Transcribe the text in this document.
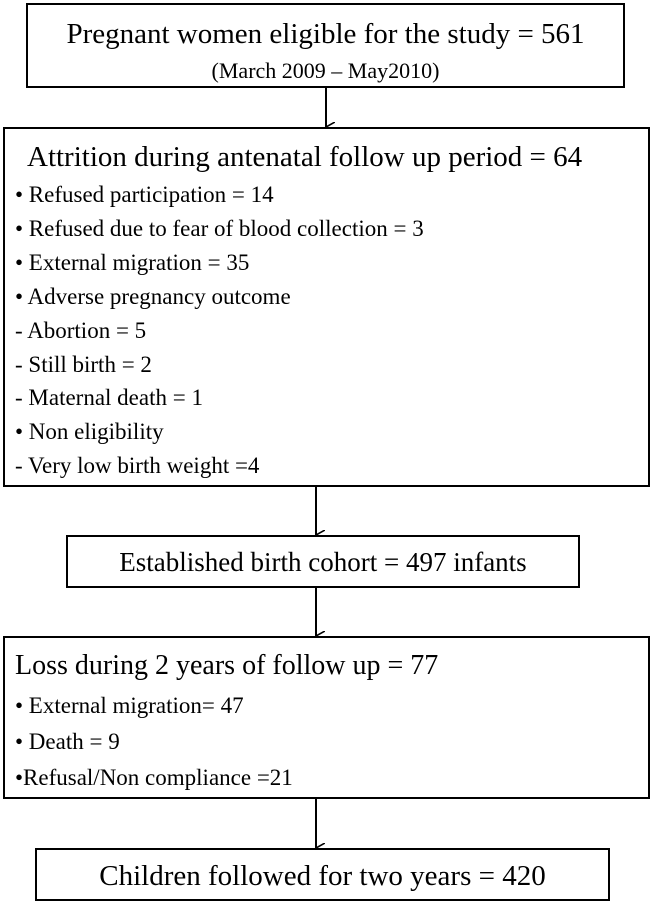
Pregnant women eligible for the study = 561
(March 2009 – May2010)
Attrition during antenatal follow up period = 64
• Refused participation = 14
• Refused due to fear of blood collection = 3
• External migration = 35
• Adverse pregnancy outcome
- Abortion = 5
- Still birth = 2
- Maternal death = 1
• Non eligibility
- Very low birth weight =4
Established birth cohort = 497 infants
Loss during 2 years of follow up = 77
• External migration= 47
• Death = 9
•Refusal/Non compliance =21
Children followed for two years = 420
